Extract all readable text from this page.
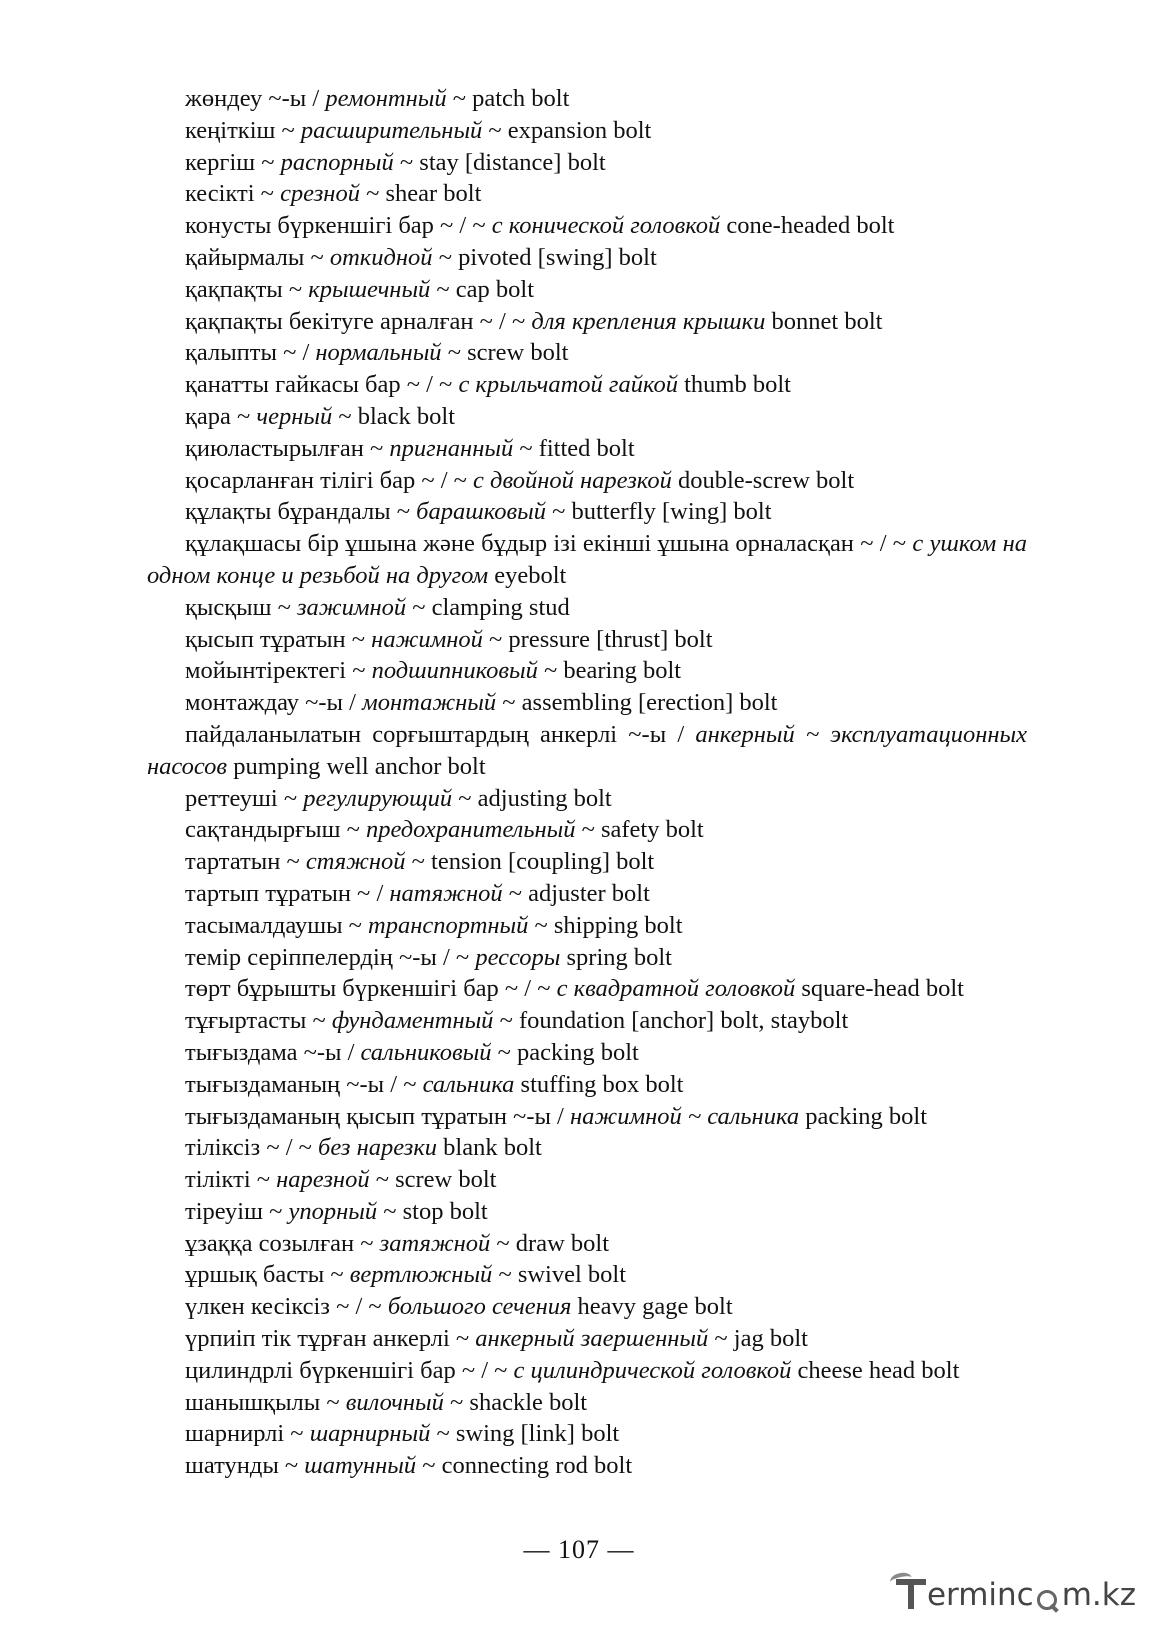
жөндеу ~-ы / ремонтный ~ patch bolt

кеңіткіш ~ расширительный ~ expansion bolt

кергіш ~ распорный ~ stay [distance] bolt

кесікті ~ срезной ~ shear bolt

конусты бүркеншігі бар ~ / ~ с конической головкой cone-headed bolt

қайырмалы ~ откидной ~ pivoted [swing] bolt

қақпақты ~ крышечный ~ cap bolt

қақпақты бекітуге арналған ~ / ~ для крепления крышки bonnet bolt

қалыпты ~ / нормальный ~ screw bolt

қанатты гайкасы бар ~ / ~ с крыльчатой гайкой thumb bolt

қара ~ черный ~ black bolt

қиюластырылған ~ пригнанный ~ fitted bolt

қосарланған тілігі бар ~ / ~ с двойной нарезкой double-screw bolt

құлақты бұрандалы ~ барашковый ~ butterfly [wing] bolt

құлақшасы бір ұшына және бұдыр ізі екінші ұшына орналасқан ~ / ~ с ушком на одном конце и резьбой на другом eyebolt

қысқыш ~ зажимной ~ clamping stud

қысып тұратын ~ нажимной ~ pressure [thrust] bolt

мойынтіректегі ~ подшипниковый ~ bearing bolt

монтаждау ~-ы / монтажный ~ assembling [erection] bolt

пайдаланылатын сорғыштардың анкерлі ~-ы / анкерный ~ эксплуатационных насосов pumping well anchor bolt

реттеуші ~ регулирующий ~ adjusting bolt

сақтандырғыш ~ предохранительный ~ safety bolt

тартатын ~ стяжной ~ tension [coupling] bolt

тартып тұратын ~ / натяжной ~ adjuster bolt

тасымалдаушы ~ транспортный ~ shipping bolt

темір серіппелердің ~-ы / ~ рессоры spring bolt

төрт бұрышты бүркеншігі бар ~ / ~ с квадратной головкой square-head bolt

тұғыртасты ~ фундаментный ~ foundation [anchor] bolt, staybolt

тығыздама ~-ы / сальниковый ~ packing bolt

тығыздаманың ~-ы / ~ сальника stuffing box bolt

тығыздаманың қысып тұратын ~-ы / нажимной ~ сальника packing bolt

тіліксіз ~ / ~ без нарезки blank bolt

тілікті ~ нарезной ~ screw bolt

тіреуіш ~ упорный ~ stop bolt

ұзаққа созылған ~ затяжной ~ draw bolt

ұршық басты ~ вертлюжный ~ swivel bolt

үлкен кесіксіз ~ / ~ большого сечения heavy gage bolt

үрпиіп тік тұрған анкерлі ~ анкерный заершенный ~ jag bolt

цилиндрлі бүркеншігі бар ~ / ~ с цилиндрической головкой cheese head bolt

шанышқылы ~ вилочный ~ shackle bolt

шарнирлі ~ шарнирный ~ swing [link] bolt

шатунды ~ шатунный ~ connecting rod bolt

— 107 —
erminc m.kz
